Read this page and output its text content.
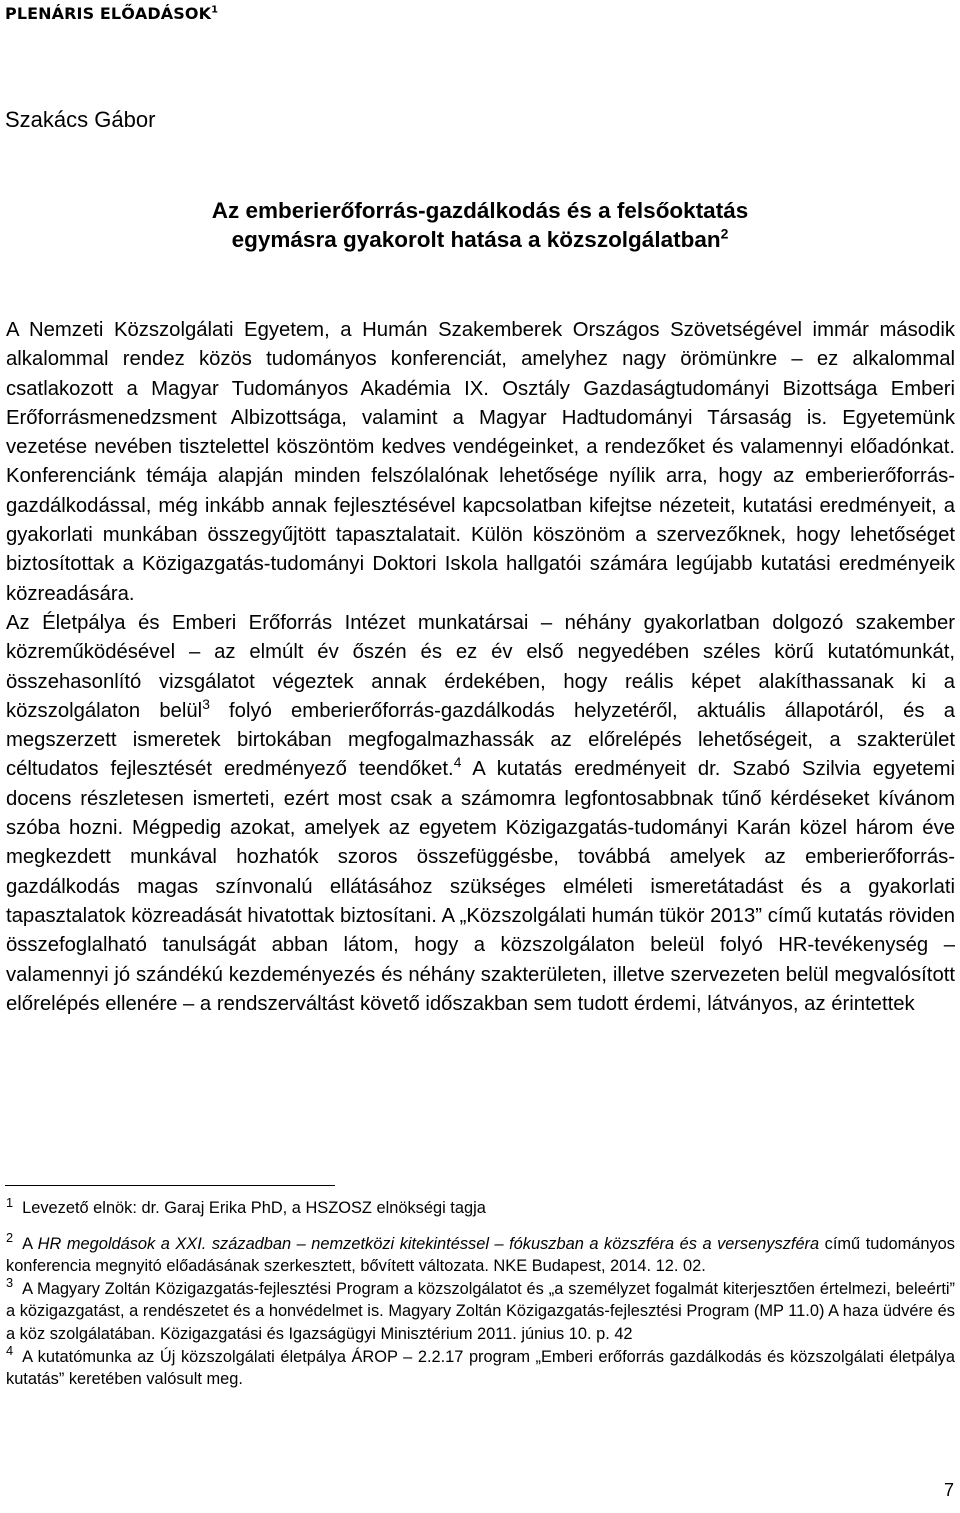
PLENÁRIS ELŐADÁSOK$^1$
Szakács Gábor
Az emberierőforrás-gazdálkodás és a felsőoktatás
egymásra gyakorolt hatása a közszolgálatban$^2$

A Nemzeti Közszolgálati Egyetem, a Humán Szakemberek Országos Szövetségével immár második alkalommal rendez közös tudományos konferenciát, amelyhez nagy örömünkre – ez alkalommal csatlakozott a Magyar Tudományos Akadémia IX. Osztály Gazdaságtudományi Bizottsága Emberi Erőforrásmenedzsment Albizottsága, valamint a Magyar Hadtudományi Társaság is. Egyetemünk vezetése nevében tisztelettel köszöntöm kedves vendégeinket, a rendezőket és valamennyi előadónkat. Konferenciánk témája alapján minden felszólalónak lehetősége nyílik arra, hogy az emberierőforrás-gazdálkodással, még inkább annak fejlesztésével kapcsolatban kifejtse nézeteit, kutatási eredményeit, a gyakorlati munkában összegyűjtött tapasztalatait. Külön köszönöm a szervezőknek, hogy lehetőséget biztosítottak a Közigazgatás-tudományi Doktori Iskola hallgatói számára legújabb kutatási eredményeik közreadására.

Az Életpálya és Emberi Erőforrás Intézet munkatársai – néhány gyakorlatban dolgozó szakember közreműködésével – az elmúlt év őszén és ez év első negyedében széles körű kutatómunkát, összehasonlító vizsgálatot végeztek annak érdekében, hogy reális képet alakíthassanak ki a közszolgálaton belül$^3$ folyó emberierőforrás-gazdálkodás helyzetéről, aktuális állapotáról, és a megszerzett ismeretek birtokában megfogalmazhassák az előrelépés lehetőségeit, a szakterület céltudatos fejlesztését eredményező teendőket.$^4$ A kutatás eredményeit dr. Szabó Szilvia egyetemi docens részletesen ismerteti, ezért most csak a számomra legfontosabbnak tűnő kérdéseket kívánom szóba hozni. Mégpedig azokat, amelyek az egyetem Közigazgatás-tudományi Karán közel három éve megkezdett munkával hozhatók szoros összefüggésbe, továbbá amelyek az emberierőforrás-gazdálkodás magas színvonalú ellátásához szükséges elméleti ismeretátadást és a gyakorlati tapasztalatok közreadását hivatottak biztosítani. A „Közszolgálati humán tükör 2013” című kutatás röviden összefoglalható tanulságát abban látom, hogy a közszolgálaton beleül folyó HR-tevékenység – valamennyi jó szándékú kezdeményezés és néhány szakterületen, illetve szervezeten belül megvalósított előrelépés ellenére – a rendszerváltást követő időszakban sem tudott érdemi, látványos, az érintettek

$^1$ Levezető elnök: dr. Garaj Erika PhD, a HSZOSZ elnökségi tagja

$^2$ A HR megoldások a XXI. században – nemzetközi kitekintéssel – fókuszban a közszféra és a versenyszféra című tudományos konferencia megnyitó előadásának szerkesztett, bővített változata. NKE Budapest, 2014. 12. 02.

$^3$ A Magyary Zoltán Közigazgatás-fejlesztési Program a közszolgálatot és „a személyzet fogalmát kiterjesztően értelmezi, beleérti” a közigazgatást, a rendészetet és a honvédelmet is. Magyary Zoltán Közigazgatás-fejlesztési Program (MP 11.0) A haza üdvére és a köz szolgálatában. Közigazgatási és Igazságügyi Minisztérium 2011. június 10. p. 42

$^4$ A kutatómunka az Új közszolgálati életpálya ÁROP – 2.2.17 program „Emberi erőforrás gazdálkodás és közszolgálati életpálya kutatás” keretében valósult meg.

7
